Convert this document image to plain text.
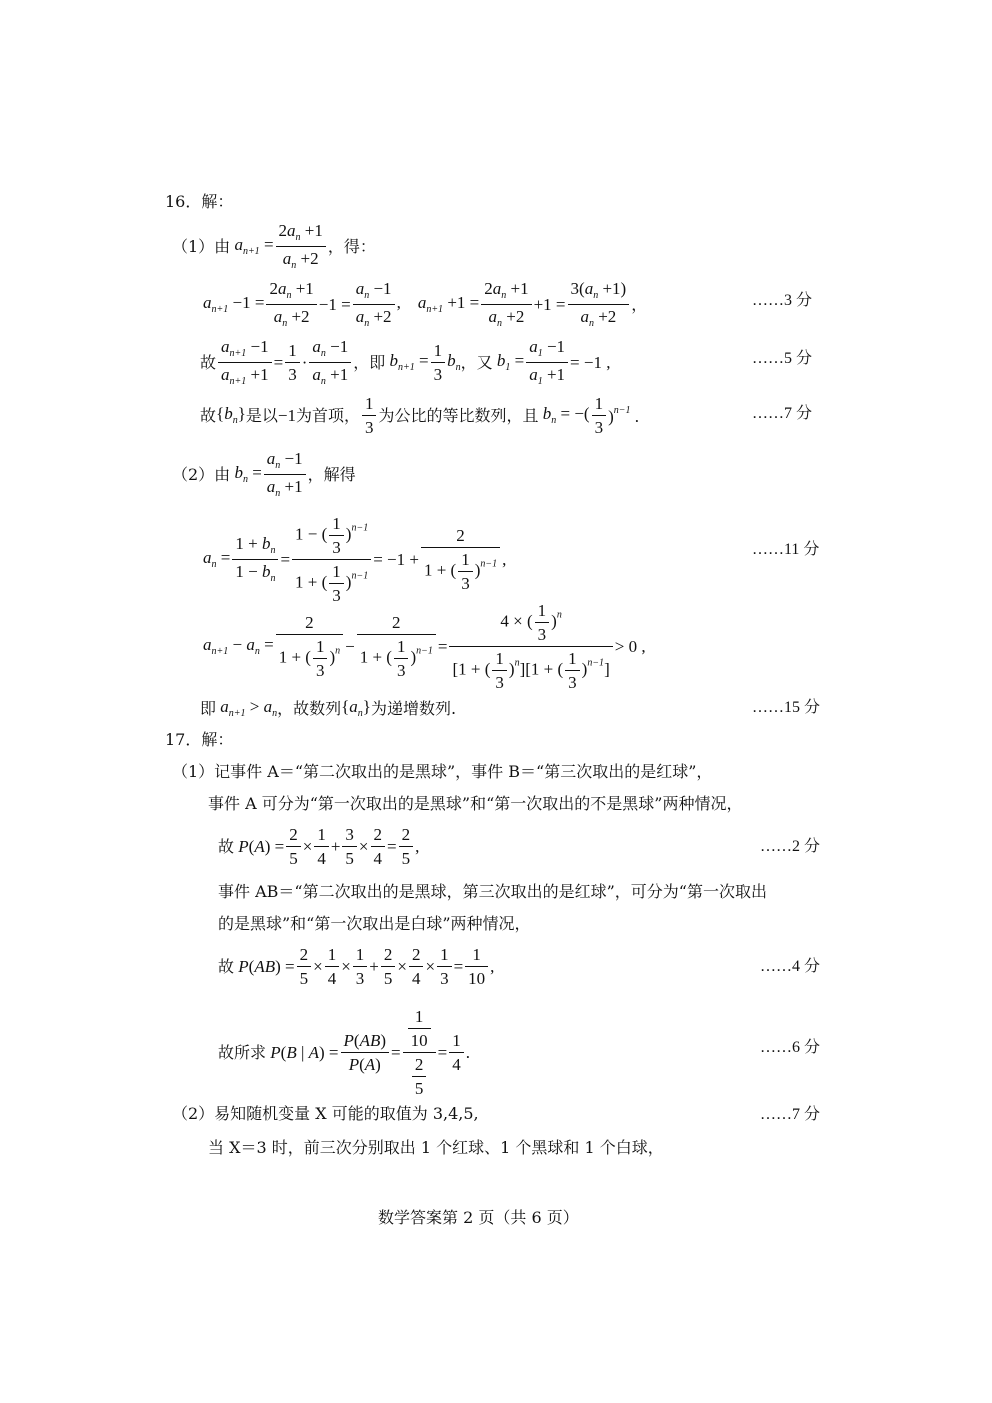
16．解：
（1）由 $a_{n+1} = \frac{2a_n +1}{a_n +2}$ ，得：
$a_{n+1} -1 = \frac{2a_n +1}{a_n +2} -1 = \frac{a_n -1}{a_n +2}$ ,    $a_{n+1} +1 = \frac{2a_n +1}{a_n +2} +1 = \frac{3(a_n +1)}{a_n +2}$ ，	……3 分
故 $\frac{a_{n+1} -1}{a_{n+1} +1} = \frac{1}{3}$ ·
$a_n -1$
$a_n +1$
，即 $b_{n+1} = \frac{1}{3} b_n$ ，又 $b_1 = \frac{a_1 -1}{a_1 +1} = -1$ ,	……5 分
故 $\{b_n\}$ 是以 −1 为首项，
1
3
为公比的等比数列，且 $b_n$ = −(
1
3
)$^{n-1}$ .	……7 分
（2）由 $b_n = \frac{a_n -1}{a_n +1}$ ，解得
$a_n = \frac{1 + b_n}{1 - b_n} = \frac{1 - ( \frac{1}{3} )^{n-1}}{1 + ( \frac{1}{3} )^{n-1}} = -1 + \frac{2}{1 + ( \frac{1}{3} )^{n-1}}$ ,
……11 分
$a_{n+1} - a_n = \frac{2}{1 + ( \frac{1}{3} )^n} - \frac{2}{1 + ( \frac{1}{3} )^{n-1}} = \frac{4 \times ( \frac{1}{3} )^n}{[1 + ( \frac{1}{3} )^n][1 + ( \frac{1}{3} )^{n-1}]} > 0$ ,
即 $a_{n+1} > a_n$ ，故数列 $\{a_n\}$ 为递增数列.	……15 分
17．解：
（1）记事件 A＝“第二次取出的是黑球”，事件 B＝“第三次取出的是红球”，
事件 A 可分为“第一次取出的是黑球”和“第一次取出的不是黑球”两种情况，
故 $P(A) = \frac{2}{5} \times \frac{1}{4} + \frac{3}{5} \times \frac{2}{4} = \frac{2}{5}$ ,	……2 分
事件 AB＝“第二次取出的是黑球，第三次取出的是红球”，可分为“第一次取出
的是黑球”和“第一次取出是白球”两种情况，
故 $P(AB) = \frac{2}{5} \times \frac{1}{4} \times \frac{1}{3} + \frac{2}{5} \times \frac{2}{4} \times \frac{1}{3} = \frac{1}{10}$ ,	……4 分
故所求 P(B | $A) = \frac{P(AB)}{P(A)} = \frac{\frac{1}{10}}{\frac{2}{5}} = \frac{1}{4}$ .	……6 分
（2）易知随机变量 X 可能的取值为 3,4,5,	……7 分
当 X＝3 时，前三次分别取出 1 个红球、1 个黑球和 1 个白球，
数学答案第 2 页（共 6 页）
